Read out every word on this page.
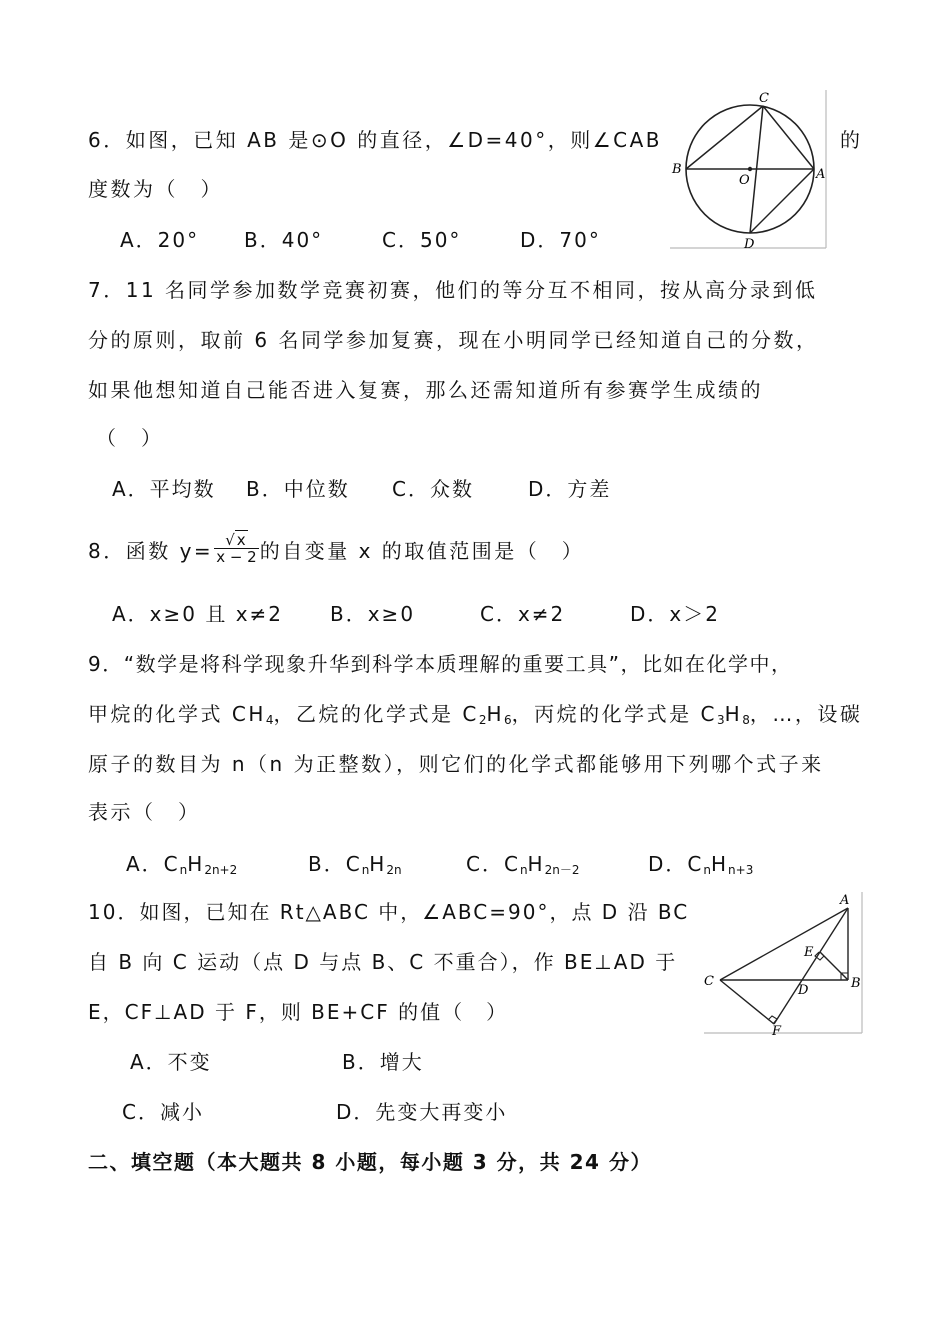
6．如图，已知 AB 是⊙O 的直径，∠D=40°，则∠CAB	的
度数为（　）
A．20° B．40°	C．50°	D．70°
C
B
O	A
D
7．11 名同学参加数学竞赛初赛，他们的等分互不相同，按从高分录到低
分的原则，取前 6 名同学参加复赛，现在小明同学已经知道自己的分数，
如果他想知道自己能否进入复赛，那么还需知道所有参赛学生成绩的
（　）
A．平均数 B．中位数 C．众数	D．方差
8．函数 $y= \frac{√ x}{x - 2}$ 的自变量 x 的取值范围是（　）
A．x≥0 且 x≠2 B．x≥0	C．x≠2	D．x＞2
9．“数学是将科学现象升华到科学本质理解的重要工具”，比如在化学中，
甲烷的化学式 $CH_4$，乙烷的化学式是 $C_2H_6$，丙烷的化学式是 $C_3H_8$，…，设碳
原子的数目为 n（n 为正整数），则它们的化学式都能够用下列哪个式子来
表示（　）
A．$C_nH_{2n+2}$	B．$C_nH_{2n}$	C．$C_nH_{2n-2}$	D．$C_nH_{n+3}$
10．如图，已知在 Rt△ABC 中，∠ABC=90°，点 D 沿 BC
自 B 向 C 运动（点 D 与点 B、C 不重合），作 BE⊥AD 于
E，CF⊥AD 于 F，则 BE+CF 的值（　）
A．不变	B．增大
C．减小	D．先变大再变小
A
E
C
D	B
F
二、填空题（本大题共 8 小题，每小题 3 分，共 24 分）
